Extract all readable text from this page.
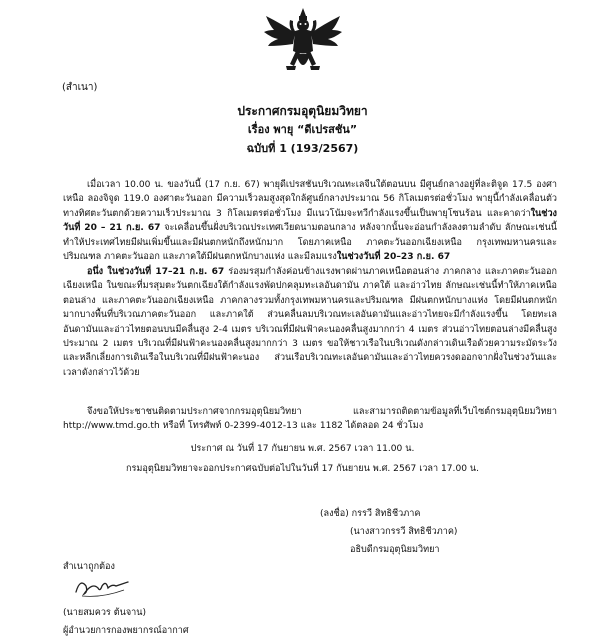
(สำเนา)
ประกาศกรมอุตุนิยมวิทยา
เรื่อง พายุ “ดีเปรสชัน”
ฉบับที่ 1 (193/2567)

เมื่อเวลา 10.00 น. ของวันนี้ (17 ก.ย. 67) พายุดีเปรสชันบริเวณทะเลจีนใต้ตอนบน มีศูนย์กลางอยู่ที่ละติจูด 17.5 องศาเหนือ ลองจิจูด 119.0 องศาตะวันออก มีความเร็วลมสูงสุดใกล้ศูนย์กลางประมาณ 56 กิโลเมตรต่อชั่วโมง พายุนี้กำลังเคลื่อนตัวทางทิศตะวันตกด้วยความเร็วประมาณ 3 กิโลเมตรต่อชั่วโมง มีแนวโน้มจะทวีกำลังแรงขึ้นเป็นพายุโซนร้อน และคาดว่าในช่วงวันที่ 20 – 21 ก.ย. 67 จะเคลื่อนขึ้นฝั่งบริเวณประเทศเวียดนามตอนกลาง หลังจากนั้นจะอ่อนกำลังลงตามลำดับ ลักษณะเช่นนี้ทำให้ประเทศไทยมีฝนเพิ่มขึ้นและมีฝนตกหนักถึงหนักมาก โดยภาคเหนือ ภาคตะวันออกเฉียงเหนือ กรุงเทพมหานครและปริมณฑล ภาคตะวันออก และภาคใต้มีฝนตกหนักบางแห่ง และมีลมแรงในช่วงวันที่ 20–23 ก.ย. 67

อนึ่ง ในช่วงวันที่ 17–21 ก.ย. 67 ร่องมรสุมกำลังค่อนข้างแรงพาดผ่านภาคเหนือตอนล่าง ภาคกลาง และภาคตะวันออกเฉียงเหนือ ในขณะที่มรสุมตะวันตกเฉียงใต้กำลังแรงพัดปกคลุมทะเลอันดามัน ภาคใต้ และอ่าวไทย ลักษณะเช่นนี้ทำให้ภาคเหนือตอนล่าง และภาคตะวันออกเฉียงเหนือ ภาคกลางรวมทั้งกรุงเทพมหานครและปริมณฑล มีฝนตกหนักบางแห่ง โดยมีฝนตกหนักมากบางพื้นที่บริเวณภาคตะวันออก และภาคใต้ ส่วนคลื่นลมบริเวณทะเลอันดามันและอ่าวไทยจะมีกำลังแรงขึ้น โดยทะเลอันดามันและอ่าวไทยตอนบนมีคลื่นสูง 2-4 เมตร บริเวณที่มีฝนฟ้าคะนองคลื่นสูงมากกว่า 4 เมตร ส่วนอ่าวไทยตอนล่างมีคลื่นสูงประมาณ 2 เมตร บริเวณที่มีฝนฟ้าคะนองคลื่นสูงมากกว่า 3 เมตร ขอให้ชาวเรือในบริเวณดังกล่าวเดินเรือด้วยความระมัดระวังและหลีกเลี่ยงการเดินเรือในบริเวณที่มีฝนฟ้าคะนอง ส่วนเรือบริเวณทะเลอันดามันและอ่าวไทยควรงดออกจากฝั่งในช่วงวันและเวลาดังกล่าวไว้ด้วย

จึงขอให้ประชาชนติดตามประกาศจากกรมอุตุนิยมวิทยา และสามารถติดตามข้อมูลที่เว็บไซต์กรมอุตุนิยมวิทยา http://www.tmd.go.th หรือที่ โทรศัพท์ 0-2399-4012-13 และ 1182 ได้ตลอด 24 ชั่วโมง

ประกาศ ณ วันที่ 17 กันยายน พ.ศ. 2567 เวลา 11.00 น.
กรมอุตุนิยมวิทยาจะออกประกาศฉบับต่อไปในวันที่ 17 กันยายน พ.ศ. 2567 เวลา 17.00 น.
(ลงชื่อ) กรรวี สิทธิชีวภาค
(นางสาวกรรวี สิทธิชีวภาค)
อธิบดีกรมอุตุนิยมวิทยา
สำเนาถูกต้อง
(นายสมควร ต้นจาน)
ผู้อำนวยการกองพยากรณ์อากาศ
